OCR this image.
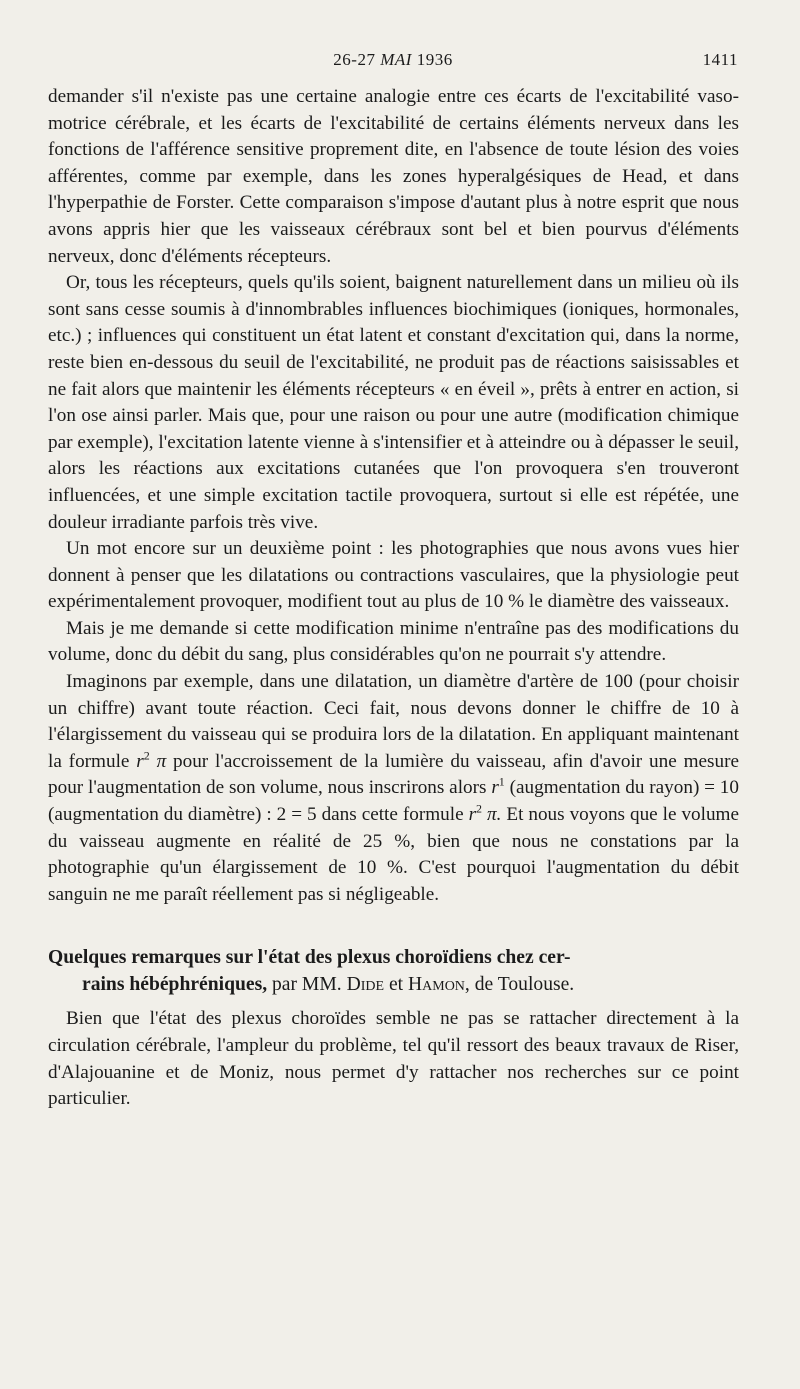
26-27 MAI 1936	1411

demander s'il n'existe pas une certaine analogie entre ces écarts de l'excitabilité vaso-motrice cérébrale, et les écarts de l'excitabilité de certains éléments nerveux dans les fonctions de l'afférence sensitive proprement dite, en l'absence de toute lésion des voies afférentes, comme par exemple, dans les zones hyperalgésiques de Head, et dans l'hyperpathie de Forster. Cette comparaison s'impose d'autant plus à notre esprit que nous avons appris hier que les vaisseaux cérébraux sont bel et bien pourvus d'éléments nerveux, donc d'éléments récepteurs.

Or, tous les récepteurs, quels qu'ils soient, baignent naturellement dans un milieu où ils sont sans cesse soumis à d'innombrables influences biochimiques (ioniques, hormonales, etc.) ; influences qui constituent un état latent et constant d'excitation qui, dans la norme, reste bien en-dessous du seuil de l'excitabilité, ne produit pas de réactions saisissables et ne fait alors que maintenir les éléments récepteurs « en éveil », prêts à entrer en action, si l'on ose ainsi parler. Mais que, pour une raison ou pour une autre (modification chimique par exemple), l'excitation latente vienne à s'intensifier et à atteindre ou à dépasser le seuil, alors les réactions aux excitations cutanées que l'on provoquera s'en trouveront influencées, et une simple excitation tactile provoquera, surtout si elle est répétée, une douleur irradiante parfois très vive.

Un mot encore sur un deuxième point : les photographies que nous avons vues hier donnent à penser que les dilatations ou contractions vasculaires, que la physiologie peut expérimentalement provoquer, modifient tout au plus de 10 % le diamètre des vaisseaux.

Mais je me demande si cette modification minime n'entraîne pas des modifications du volume, donc du débit du sang, plus considérables qu'on ne pourrait s'y attendre.

Imaginons par exemple, dans une dilatation, un diamètre d'artère de 100 (pour choisir un chiffre) avant toute réaction. Ceci fait, nous devons donner le chiffre de 10 à l'élargissement du vaisseau qui se produira lors de la dilatation. En appliquant maintenant la formule $r^2$ π pour l'accroissement de la lumière du vaisseau, afin d'avoir une mesure pour l'augmentation de son volume, nous inscrirons alors $r^1$ (augmentation du rayon) = 10 (augmentation du diamètre) : 2 = 5 dans cette formule $r^2$ π. Et nous voyons que le volume du vaisseau augmente en réalité de 25 %, bien que nous ne constations par la photographie qu'un élargissement de 10 %. C'est pourquoi l'augmentation du débit sanguin ne me paraît réellement pas si négligeable.

Quelques remarques sur l'état des plexus choroïdiens chez cer-
rains hébéphréniques, par MM. Dide et Hamon, de Toulouse.

Bien que l'état des plexus choroïdes semble ne pas se rattacher directement à la circulation cérébrale, l'ampleur du problème, tel qu'il ressort des beaux travaux de Riser, d'Alajouanine et de Moniz, nous permet d'y rattacher nos recherches sur ce point particulier.
